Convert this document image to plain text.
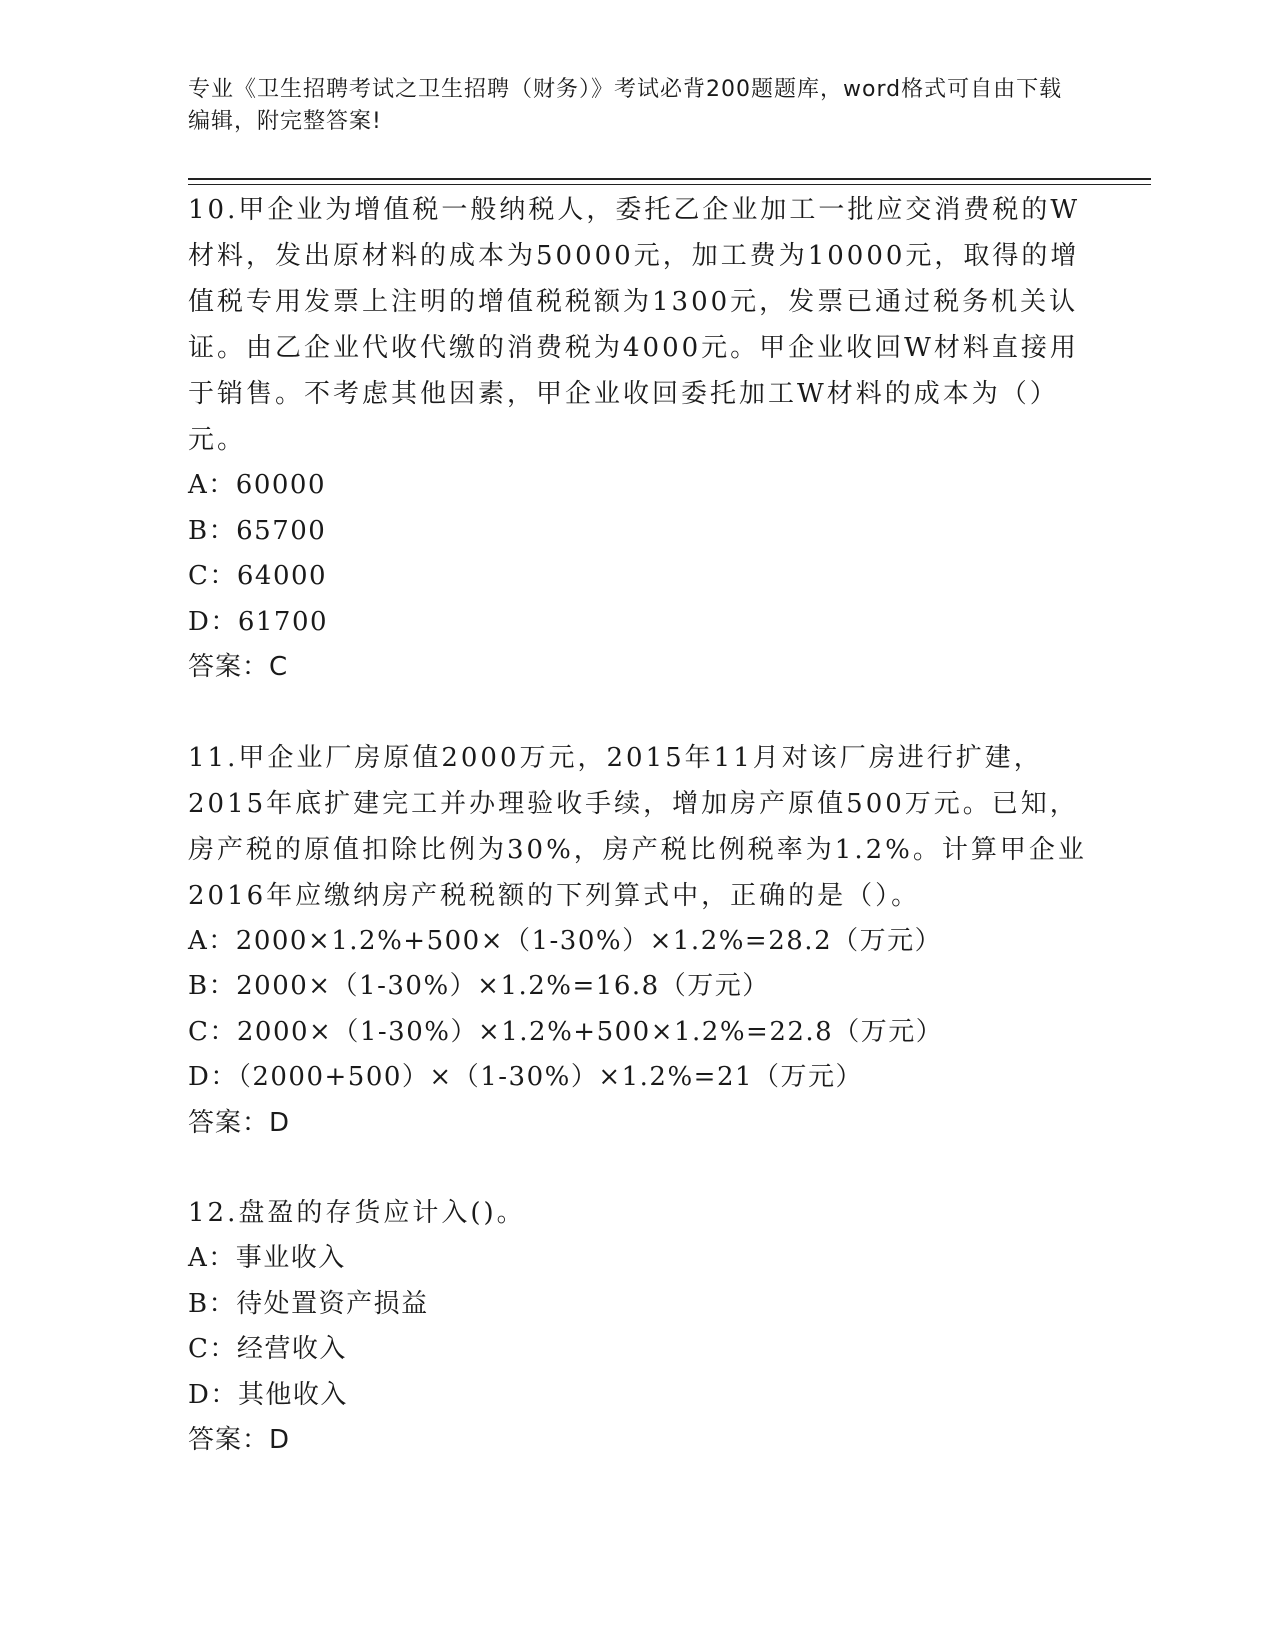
专业《卫生招聘考试之卫生招聘（财务）》考试必背200题题库，word格式可自由下载编辑，附完整答案!

10.甲企业为增值税一般纳税人，委托乙企业加工一批应交消费税的W材料，发出原材料的成本为50000元，加工费为10000元，取得的增值税专用发票上注明的增值税税额为1300元，发票已通过税务机关认证。由乙企业代收代缴的消费税为4000元。甲企业收回W材料直接用于销售。不考虑其他因素，甲企业收回委托加工W材料的成本为（）元。

A：60000

B：65700

C：64000

D：61700

答案：C

11.甲企业厂房原值2000万元，2015年11月对该厂房进行扩建，2015年底扩建完工并办理验收手续，增加房产原值500万元。已知，房产税的原值扣除比例为30%，房产税比例税率为1.2%。计算甲企业2016年应缴纳房产税税额的下列算式中，正确的是（）。

A：2000×1.2%+500×（1-30%）×1.2%=28.2（万元）

B：2000×（1-30%）×1.2%=16.8（万元）

C：2000×（1-30%）×1.2%+500×1.2%=22.8（万元）

D：（2000+500）×（1-30%）×1.2%=21（万元）

答案：D

12.盘盈的存货应计入()。

A：事业收入

B：待处置资产损益

C：经营收入

D：其他收入

答案：D
